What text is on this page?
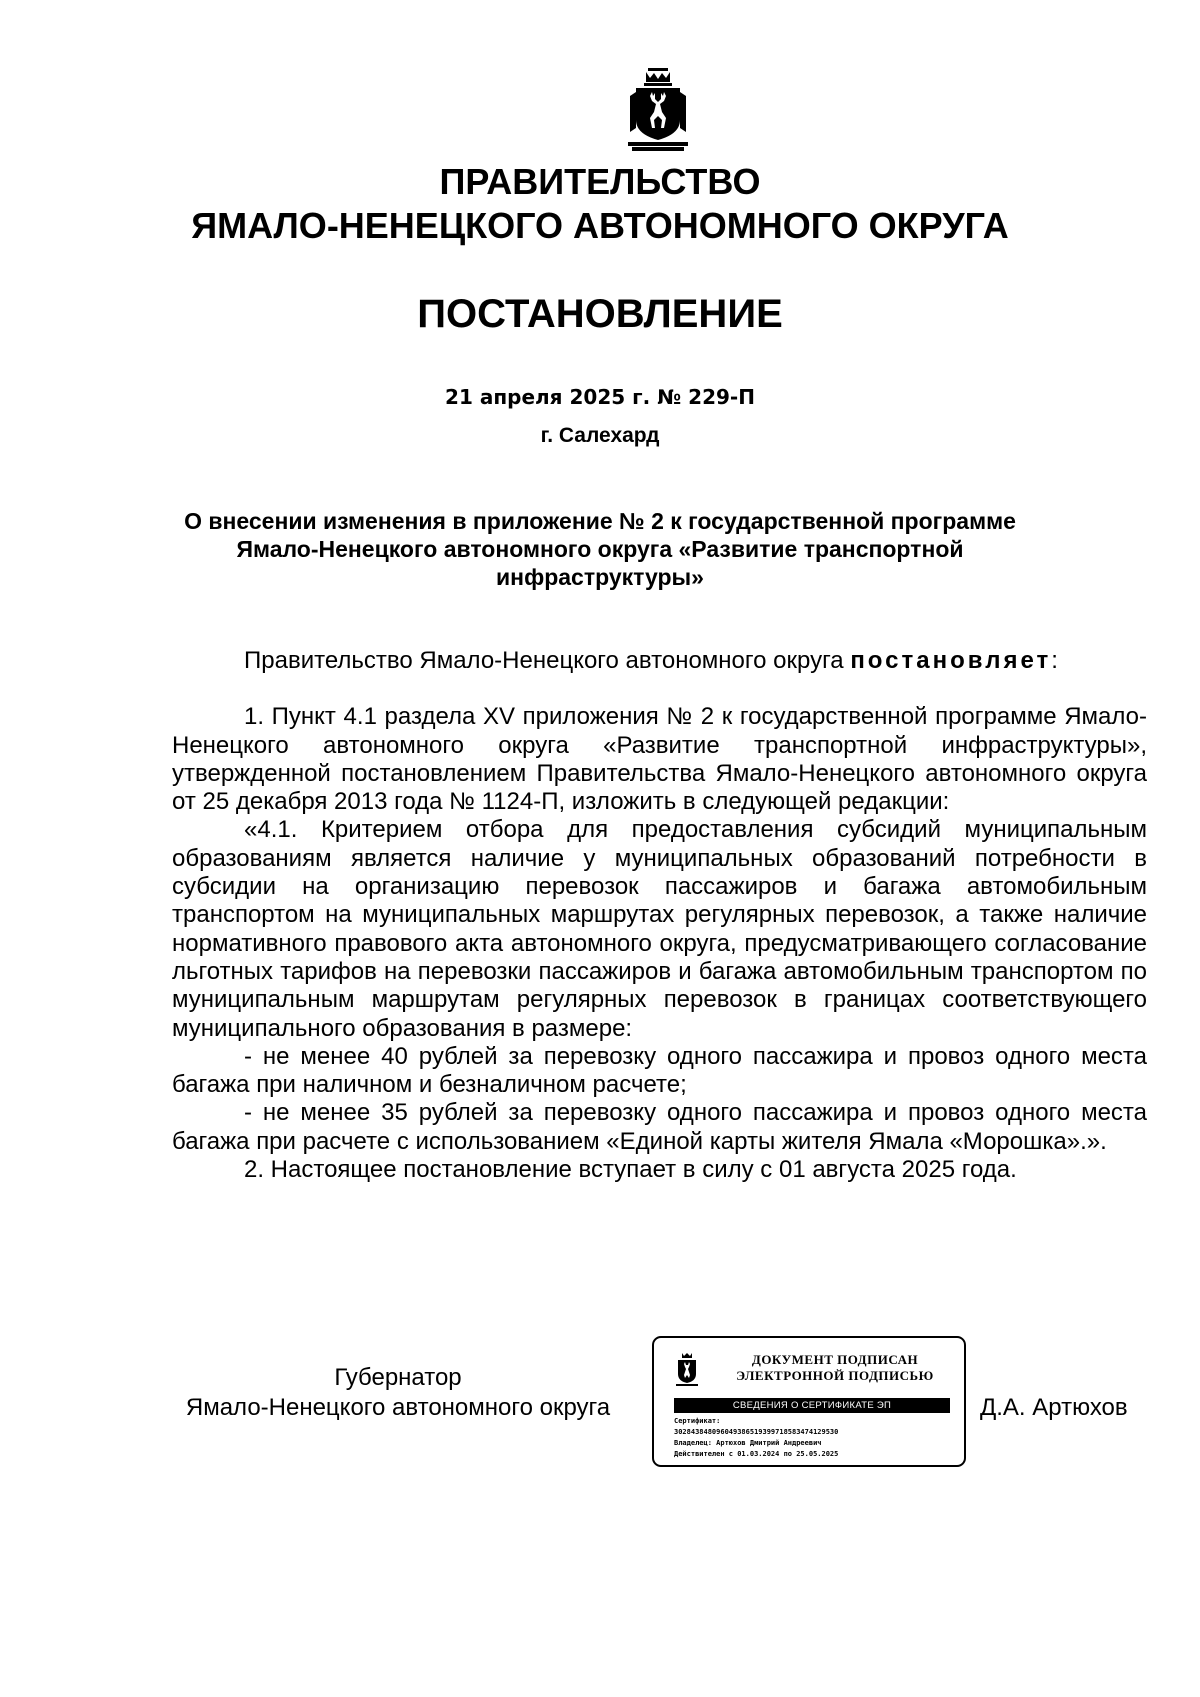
ПРАВИТЕЛЬСТВО
ЯМАЛО-НЕНЕЦКОГО АВТОНОМНОГО ОКРУГА
ПОСТАНОВЛЕНИЕ
21 апреля 2025 г. № 229-П
г. Салехард
О внесении изменения в приложение № 2 к государственной программе
Ямало-Ненецкого автономного округа «Развитие транспортной
инфраструктуры»

Правительство Ямало-Ненецкого автономного округа постановляет:

1. Пункт 4.1 раздела XV приложения № 2 к государственной программе Ямало-Ненецкого автономного округа «Развитие транспортной инфраструктуры», утвержденной постановлением Правительства Ямало-Ненецкого автономного округа от 25 декабря 2013 года № 1124-П, изложить в следующей редакции:

«4.1. Критерием отбора для предоставления субсидий муниципальным образованиям является наличие у муниципальных образований потребности в субсидии на организацию перевозок пассажиров и багажа автомобильным транспортом на муниципальных маршрутах регулярных перевозок, а также наличие нормативного правового акта автономного округа, предусматривающего согласование льготных тарифов на перевозки пассажиров и багажа автомобильным транспортом по муниципальным маршрутам регулярных перевозок в границах соответствующего муниципального образования в размере:

- не менее 40 рублей за перевозку одного пассажира и провоз одного места багажа при наличном и безналичном расчете;

- не менее 35 рублей за перевозку одного пассажира и провоз одного места багажа при расчете с использованием «Единой карты жителя Ямала «Морошка».».

2. Настоящее постановление вступает в силу с 01 августа 2025 года.

Губернатор
Ямало-Ненецкого автономного округа
ДОКУМЕНТ ПОДПИСАН
ЭЛЕКТРОННОЙ ПОДПИСЬЮ
СВЕДЕНИЯ О СЕРТИФИКАТЕ ЭП
Сертификат:
302843848096049386519399718583474129530
Владелец: Артюхов Дмитрий Андреевич
Действителен с 01.03.2024 по 25.05.2025
Д.А. Артюхов
